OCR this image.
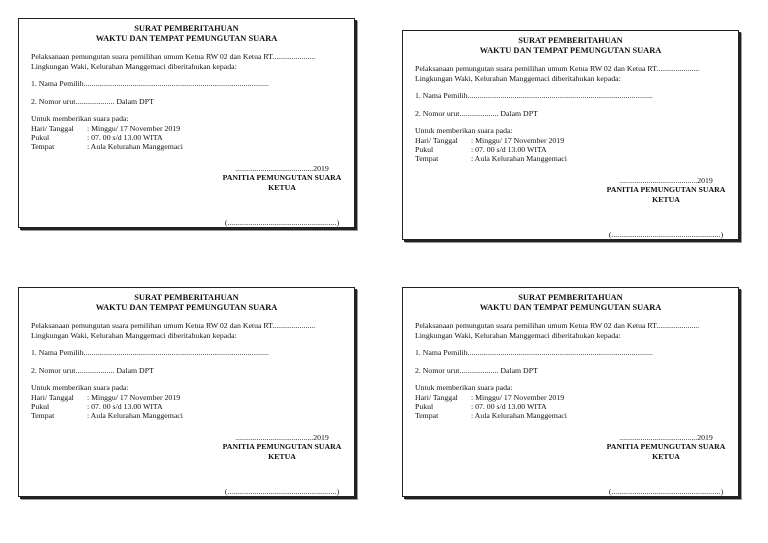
SURAT PEMBERITAHUAN
WAKTU DAN TEMPAT PEMUNGUTAN SUARA
Pelaksanaan pemungutan suara pemilihan umum Ketua RW 02 dan Ketua RT......................
Lingkungan Waki, Kelurahan Manggemaci diberitahukan kepada:
1. Nama Pemilih...............................................................................................
2. Nomor urut.................... Dalam DPT
Untuk memberikan suara pada:
Hari/ Tanggal	: Minggu/ 17 November 2019
Pukul	: 07. 00 s/d 13.00 WITA
Tempat	: Aula Kelurahan Manggemaci
........................................2019
PANITIA PEMUNGUTAN SUARA
KETUA
(........................................................)
SURAT PEMBERITAHUAN
WAKTU DAN TEMPAT PEMUNGUTAN SUARA
Pelaksanaan pemungutan suara pemilihan umum Ketua RW 02 dan Ketua RT......................
Lingkungan Waki, Kelurahan Manggemaci diberitahukan kepada:
1. Nama Pemilih...............................................................................................
2. Nomor urut.................... Dalam DPT
Untuk memberikan suara pada:
Hari/ Tanggal	: Minggu/ 17 November 2019
Pukul	: 07. 00 s/d 13.00 WITA
Tempat	: Aula Kelurahan Manggemaci
........................................2019
PANITIA PEMUNGUTAN SUARA
KETUA
(........................................................)
SURAT PEMBERITAHUAN
WAKTU DAN TEMPAT PEMUNGUTAN SUARA
Pelaksanaan pemungutan suara pemilihan umum Ketua RW 02 dan Ketua RT......................
Lingkungan Waki, Kelurahan Manggemaci diberitahukan kepada:
1. Nama Pemilih...............................................................................................
2. Nomor urut.................... Dalam DPT
Untuk memberikan suara pada:
Hari/ Tanggal	: Minggu/ 17 November 2019
Pukul	: 07. 00 s/d 13.00 WITA
Tempat	: Aula Kelurahan Manggemaci
........................................2019
PANITIA PEMUNGUTAN SUARA
KETUA
(........................................................)
SURAT PEMBERITAHUAN
WAKTU DAN TEMPAT PEMUNGUTAN SUARA
Pelaksanaan pemungutan suara pemilihan umum Ketua RW 02 dan Ketua RT......................
Lingkungan Waki, Kelurahan Manggemaci diberitahukan kepada:
1. Nama Pemilih...............................................................................................
2. Nomor urut.................... Dalam DPT
Untuk memberikan suara pada:
Hari/ Tanggal	: Minggu/ 17 November 2019
Pukul	: 07. 00 s/d 13.00 WITA
Tempat	: Aula Kelurahan Manggemaci
........................................2019
PANITIA PEMUNGUTAN SUARA
KETUA
(........................................................)
